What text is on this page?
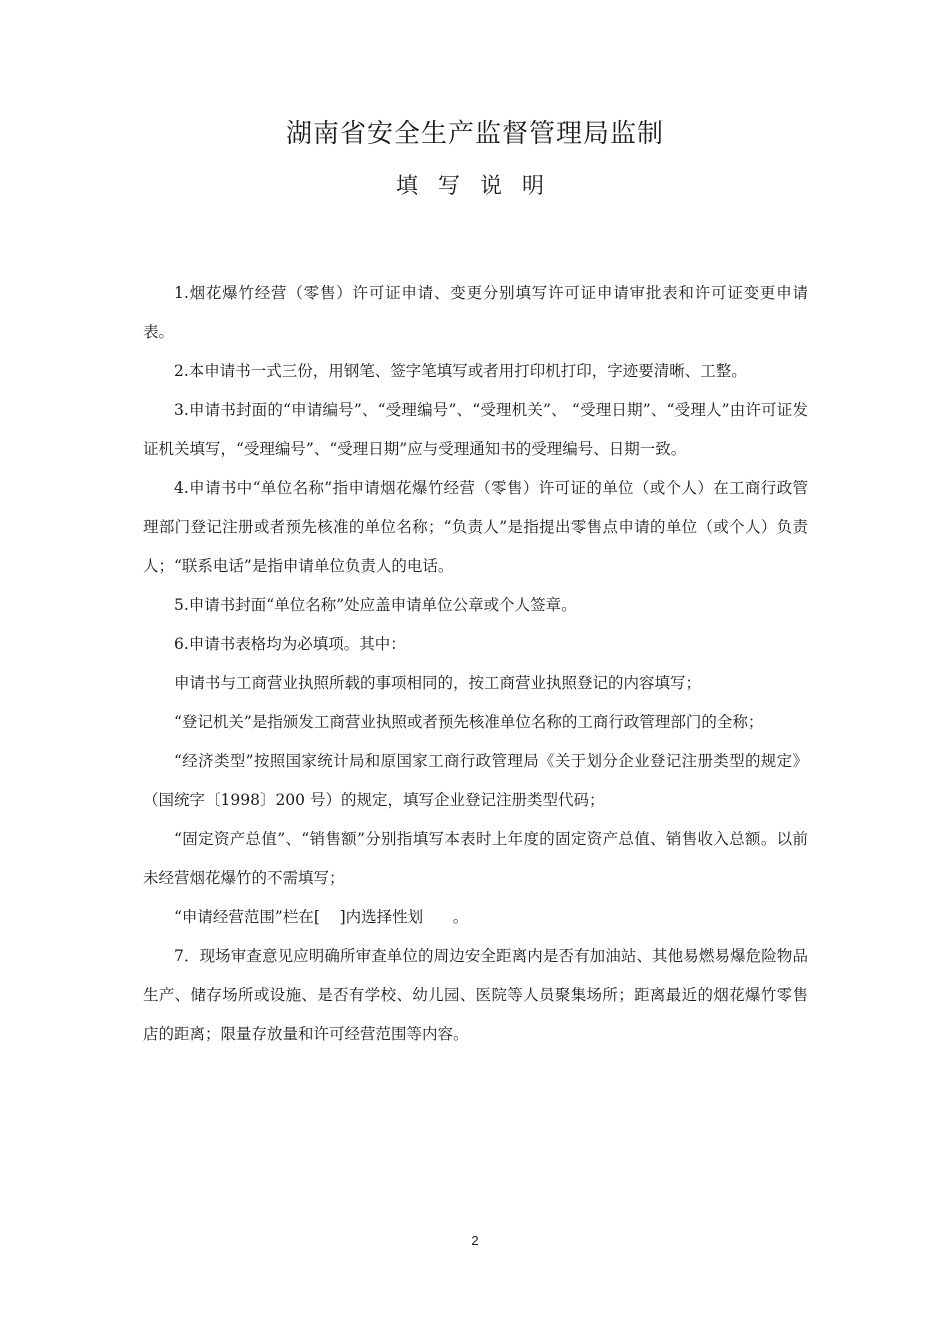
湖南省安全生产监督管理局监制
填写说明

1.烟花爆竹经营（零售）许可证申请、变更分别填写许可证申请审批表和许可证变更申请表。

2.本申请书一式三份，用钢笔、签字笔填写或者用打印机打印，字迹要清晰、工整。

3.申请书封面的“申请编号”、“受理编号”、“受理机关”、 “受理日期”、“受理人”由许可证发证机关填写，“受理编号”、“受理日期”应与受理通知书的受理编号、日期一致。

4.申请书中“单位名称”指申请烟花爆竹经营（零售）许可证的单位（或个人）在工商行政管理部门登记注册或者预先核准的单位名称；“负责人”是指提出零售点申请的单位（或个人）负责人；“联系电话”是指申请单位负责人的电话。

5.申请书封面“单位名称”处应盖申请单位公章或个人签章。

6.申请书表格均为必填项。其中：

申请书与工商营业执照所载的事项相同的，按工商营业执照登记的内容填写；

“登记机关”是指颁发工商营业执照或者预先核准单位名称的工商行政管理部门的全称；

“经济类型”按照国家统计局和原国家工商行政管理局《关于划分企业登记注册类型的规定》（国统字〔1998〕200 号）的规定，填写企业登记注册类型代码；

“固定资产总值”、“销售额”分别指填写本表时上年度的固定资产总值、销售收入总额。以前未经营烟花爆竹的不需填写；

“申请经营范围”栏在[    ]内选择性划      。

7．现场审查意见应明确所审查单位的周边安全距离内是否有加油站、其他易燃易爆危险物品生产、储存场所或设施、是否有学校、幼儿园、医院等人员聚集场所；距离最近的烟花爆竹零售店的距离；限量存放量和许可经营范围等内容。

2
